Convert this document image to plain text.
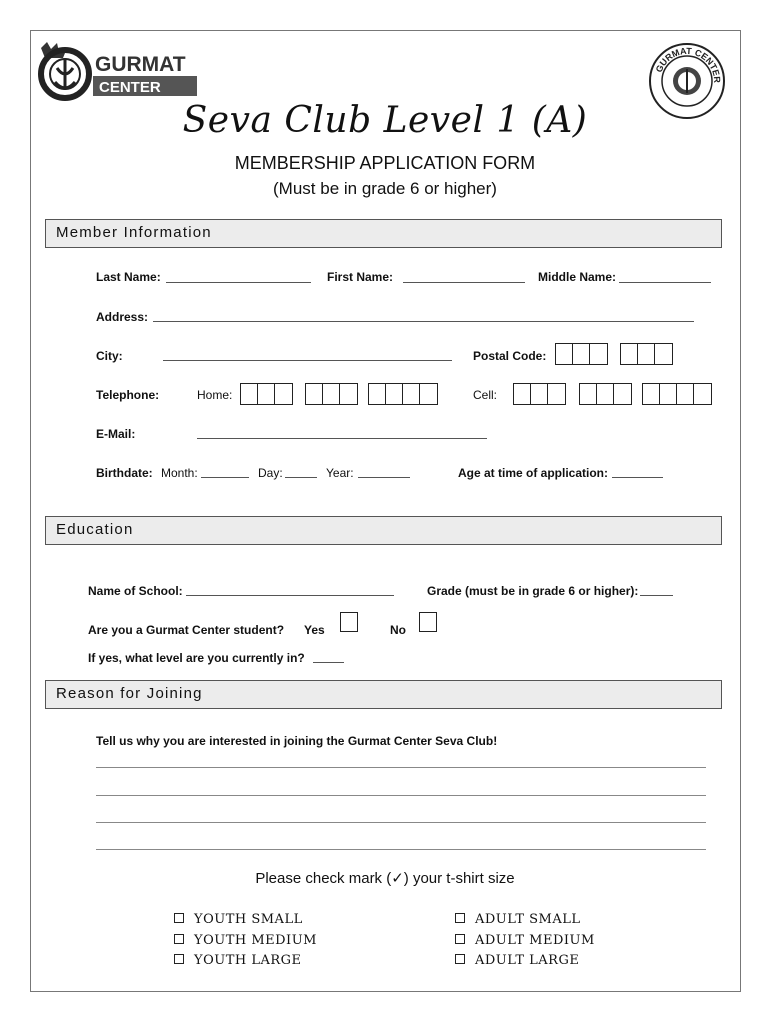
GURMAT
CENTER
GURMAT CENTER
Seva Club Level 1 (A)
MEMBERSHIP APPLICATION FORM
(Must be in grade 6 or higher)
Member Information
Last Name:	First Name:	Middle Name:
Address:
City:	Postal Code:
Telephone:	Home:	Cell:
E-Mail:
Birthdate: Month:	Day:	Year:	Age at time of application:
Education
Name of School:	Grade (must be in grade 6 or higher):
Are you a Gurmat Center student? Yes	No
If yes, what level are you currently in?
Reason for Joining
Tell us why you are interested in joining the Gurmat Center Seva Club!
Please check mark (✓) your t-shirt size
YOUTH SMALL
YOUTH MEDIUM
YOUTH LARGE
ADULT SMALL
ADULT MEDIUM
ADULT LARGE
